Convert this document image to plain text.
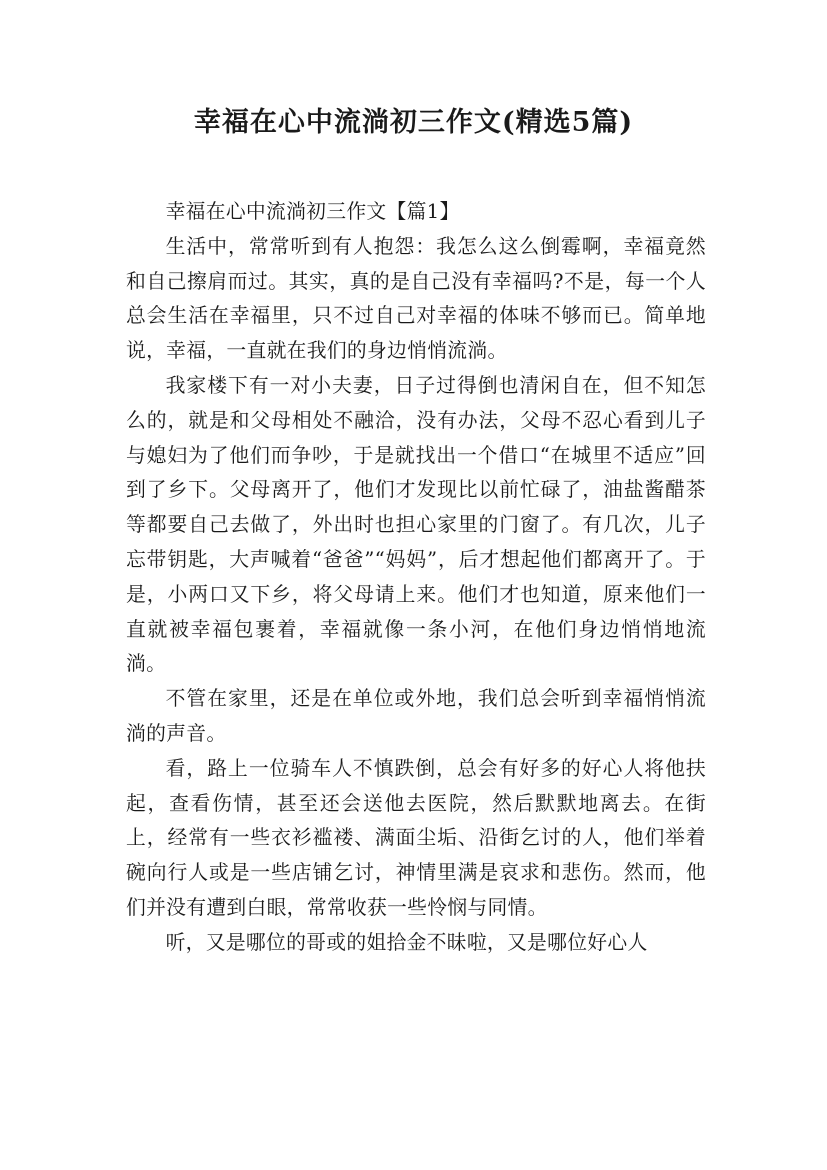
幸福在心中流淌初三作文(精选5篇)

幸福在心中流淌初三作文【篇1】

生活中，常常听到有人抱怨：我怎么这么倒霉啊，幸福竟然和自己擦肩而过。其实，真的是自己没有幸福吗?不是，每一个人总会生活在幸福里，只不过自己对幸福的体味不够而已。简单地说，幸福，一直就在我们的身边悄悄流淌。

我家楼下有一对小夫妻，日子过得倒也清闲自在，但不知怎么的，就是和父母相处不融洽，没有办法，父母不忍心看到儿子与媳妇为了他们而争吵，于是就找出一个借口“在城里不适应”回到了乡下。父母离开了，他们才发现比以前忙碌了，油盐酱醋茶等都要自己去做了，外出时也担心家里的门窗了。有几次，儿子忘带钥匙，大声喊着“爸爸”“妈妈”，后才想起他们都离开了。于是，小两口又下乡，将父母请上来。他们才也知道，原来他们一直就被幸福包裹着，幸福就像一条小河，在他们身边悄悄地流淌。

不管在家里，还是在单位或外地，我们总会听到幸福悄悄流淌的声音。

看，路上一位骑车人不慎跌倒，总会有好多的好心人将他扶起，查看伤情，甚至还会送他去医院，然后默默地离去。在街上，经常有一些衣衫褴褛、满面尘垢、沿街乞讨的人，他们举着碗向行人或是一些店铺乞讨，神情里满是哀求和悲伤。然而，他们并没有遭到白眼，常常收获一些怜悯与同情。

听，又是哪位的哥或的姐拾金不昧啦，又是哪位好心人
